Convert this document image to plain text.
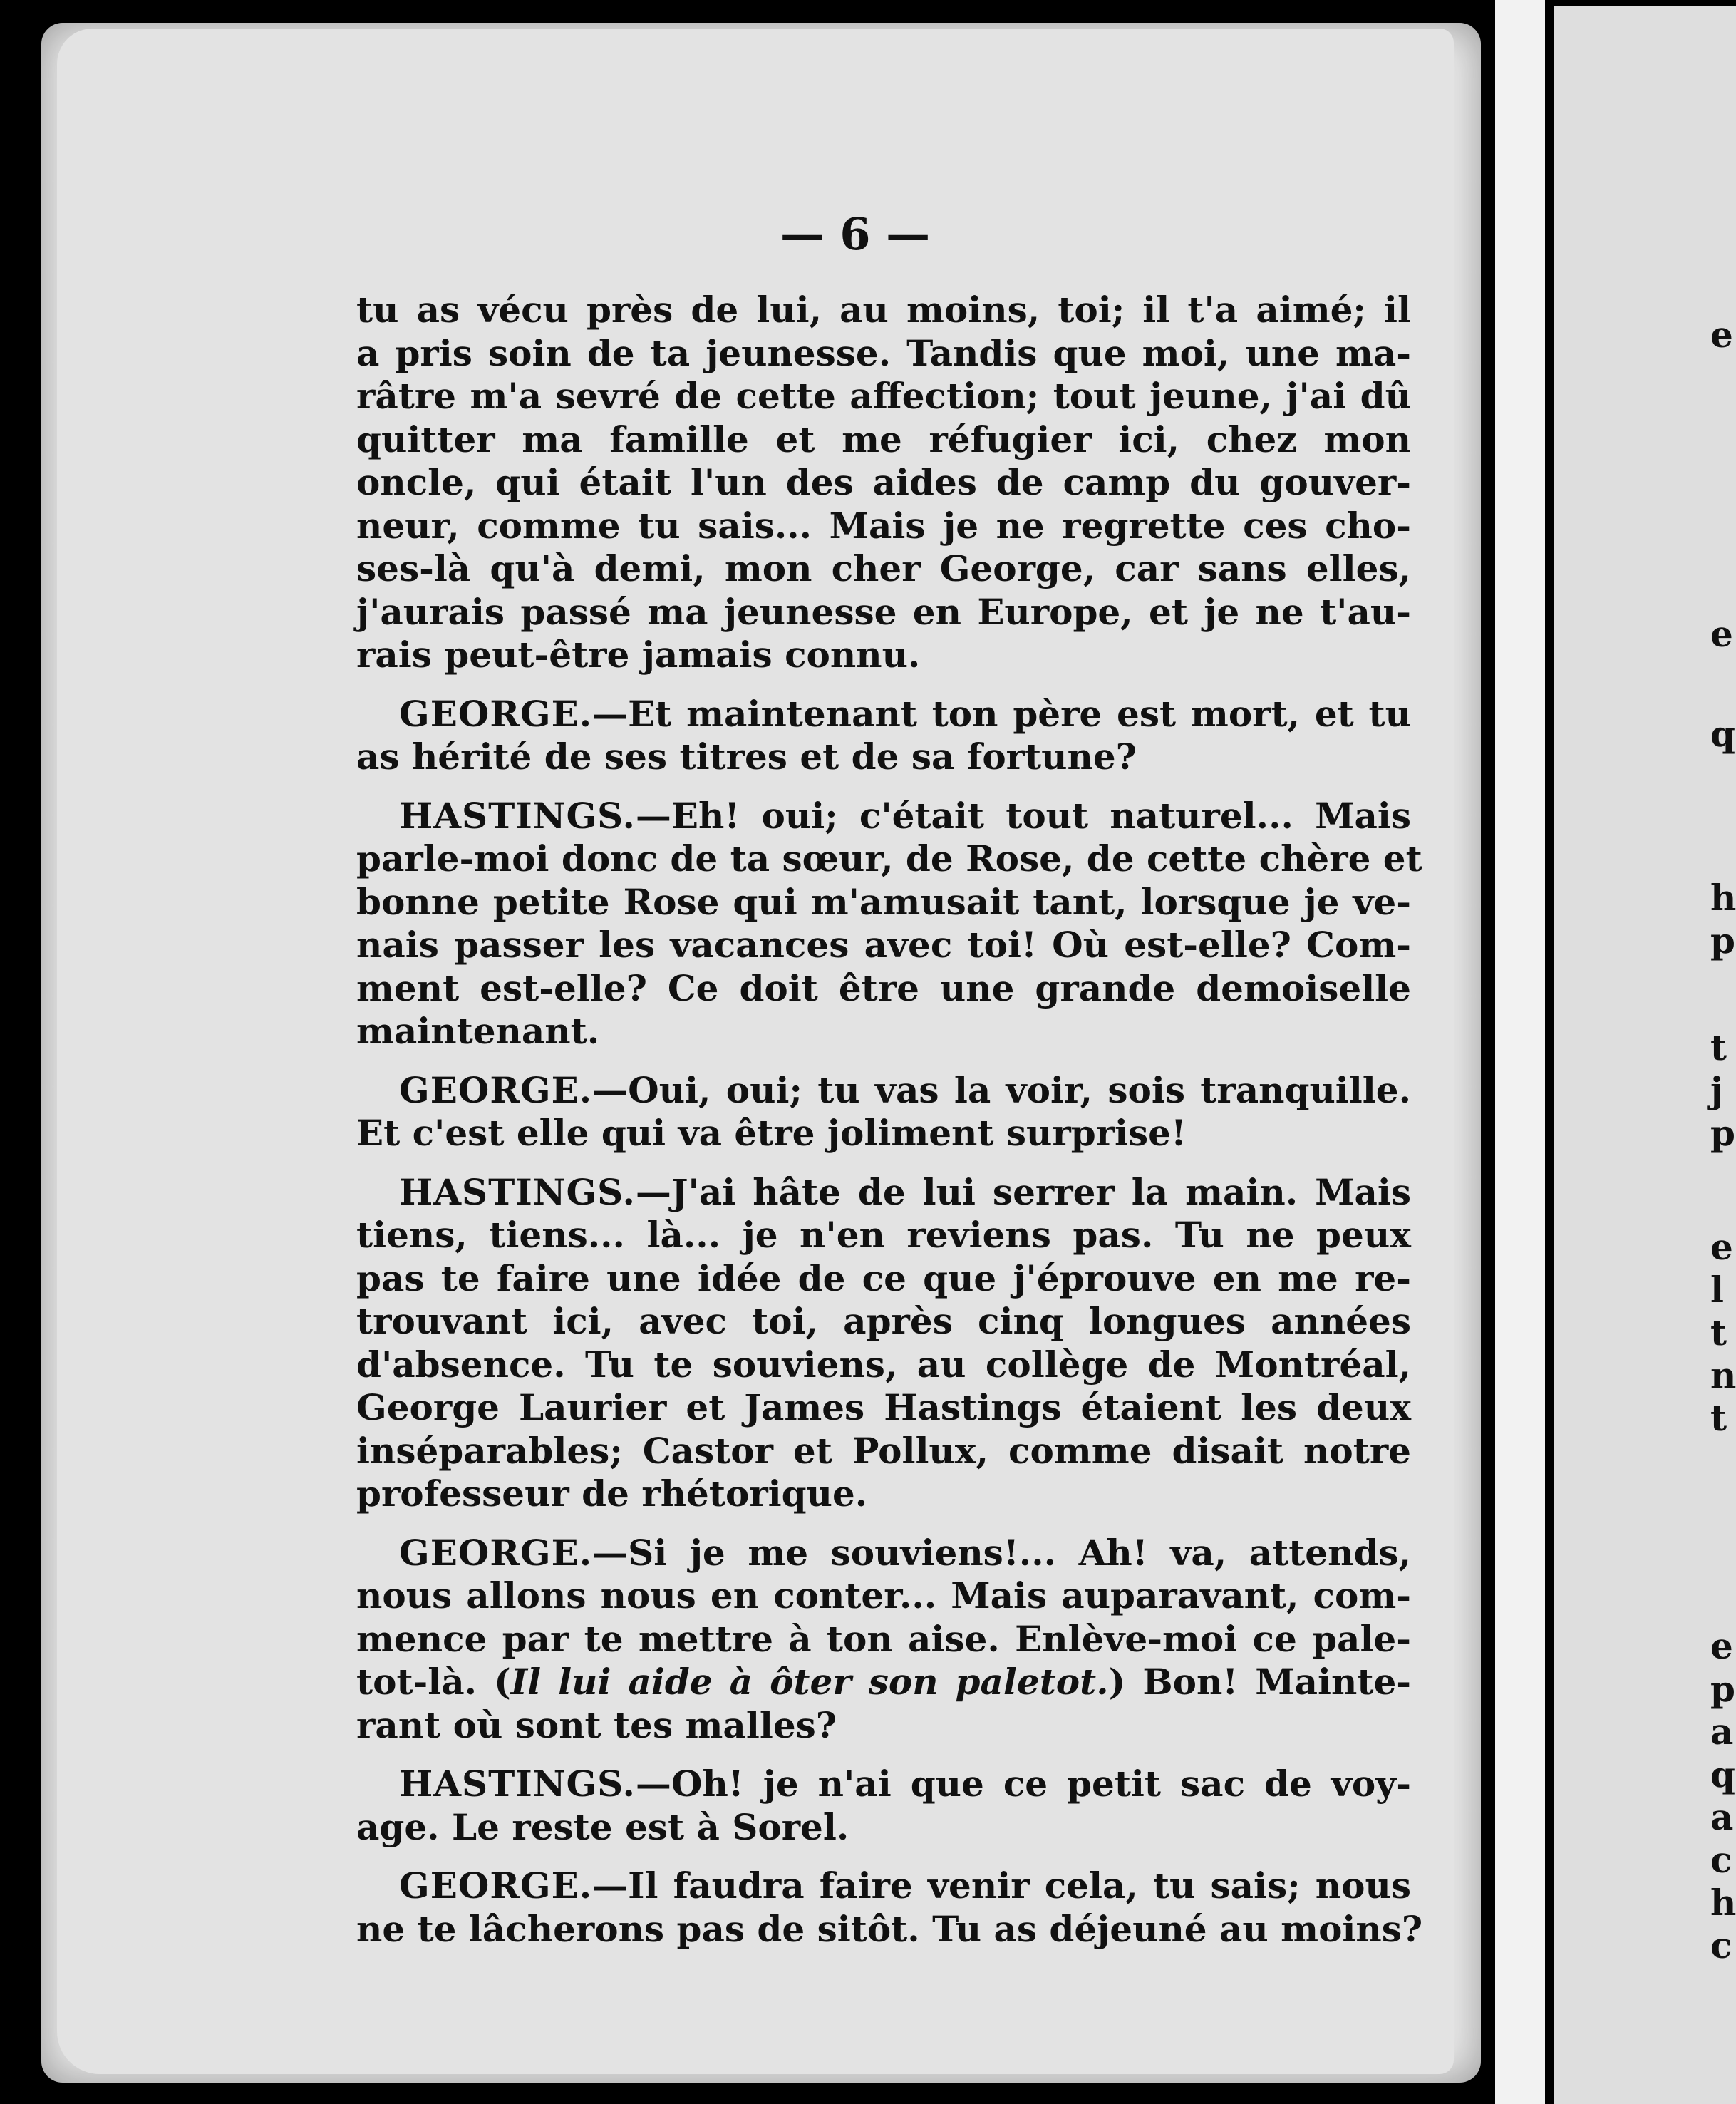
— 6 —
tu as vécu près de lui, au moins, toi; il t'a aimé; il
a pris soin de ta jeunesse. Tandis que moi, une ma-
râtre m'a sevré de cette affection; tout jeune, j'ai dû
quitter ma famille et me réfugier ici, chez mon
oncle, qui était l'un des aides de camp du gouver-
neur, comme tu sais... Mais je ne regrette ces cho-
ses-là qu'à demi, mon cher George, car sans elles,
j'aurais passé ma jeunesse en Europe, et je ne t'au-
rais peut-être jamais connu.
GEORGE.—Et maintenant ton père est mort, et tu
as hérité de ses titres et de sa fortune?
HASTINGS.—Eh! oui; c'était tout naturel... Mais
parle-moi donc de ta sœur, de Rose, de cette chère et
bonne petite Rose qui m'amusait tant, lorsque je ve-
nais passer les vacances avec toi! Où est-elle? Com-
ment est-elle? Ce doit être une grande demoiselle
maintenant.
GEORGE.—Oui, oui; tu vas la voir, sois tranquille.
Et c'est elle qui va être joliment surprise!
HASTINGS.—J'ai hâte de lui serrer la main. Mais
tiens, tiens... là... je n'en reviens pas. Tu ne peux
pas te faire une idée de ce que j'éprouve en me re-
trouvant ici, avec toi, après cinq longues années
d'absence. Tu te souviens, au collège de Montréal,
George Laurier et James Hastings étaient les deux
inséparables; Castor et Pollux, comme disait notre
professeur de rhétorique.
GEORGE.—Si je me souviens!... Ah! va, attends,
nous allons nous en conter... Mais auparavant, com-
mence par te mettre à ton aise. Enlève-moi ce pale-
tot-là. (Il lui aide à ôter son paletot.) Bon! Mainte-
rant où sont tes malles?
HASTINGS.—Oh! je n'ai que ce petit sac de voy-
age. Le reste est à Sorel.
GEORGE.—Il faudra faire venir cela, tu sais; nous
ne te lâcherons pas de sitôt. Tu as déjeuné au moins?
e
e
q
h
p
t
j
p
e
l
t
n
t
e
p
a
q
a
c
h
c
